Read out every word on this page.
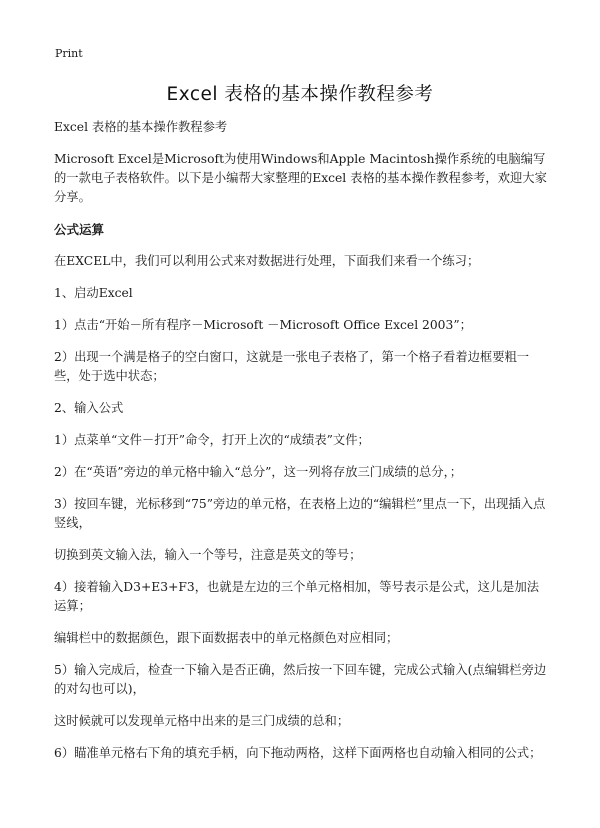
Print
Excel 表格的基本操作教程参考

Excel 表格的基本操作教程参考

Microsoft Excel是Microsoft为使用Windows和Apple Macintosh操作系统的电脑编写的一款电子表格软件。以下是小编帮大家整理的Excel 表格的基本操作教程参考，欢迎大家分享。

公式运算

在EXCEL中，我们可以利用公式来对数据进行处理，下面我们来看一个练习；

1、启动Excel

1）点击“开始－所有程序－Microsoft －Microsoft Office Excel 2003”；

2）出现一个满是格子的空白窗口，这就是一张电子表格了，第一个格子看着边框要粗一些，处于选中状态；

2、输入公式

1）点菜单“文件－打开”命令，打开上次的“成绩表”文件；

2）在“英语”旁边的单元格中输入“总分”，这一列将存放三门成绩的总分，；

3）按回车键，光标移到“75”旁边的单元格，在表格上边的“编辑栏”里点一下，出现插入点竖线，

切换到英文输入法，输入一个等号，注意是英文的等号；

4）接着输入D3+E3+F3，也就是左边的三个单元格相加，等号表示是公式，这儿是加法运算；

编辑栏中的数据颜色，跟下面数据表中的单元格颜色对应相同；

5）输入完成后，检查一下输入是否正确，然后按一下回车键，完成公式输入(点编辑栏旁边的对勾也可以)，

这时候就可以发现单元格中出来的是三门成绩的总和；

6）瞄准单元格右下角的填充手柄，向下拖动两格，这样下面两格也自动输入相同的公式；
